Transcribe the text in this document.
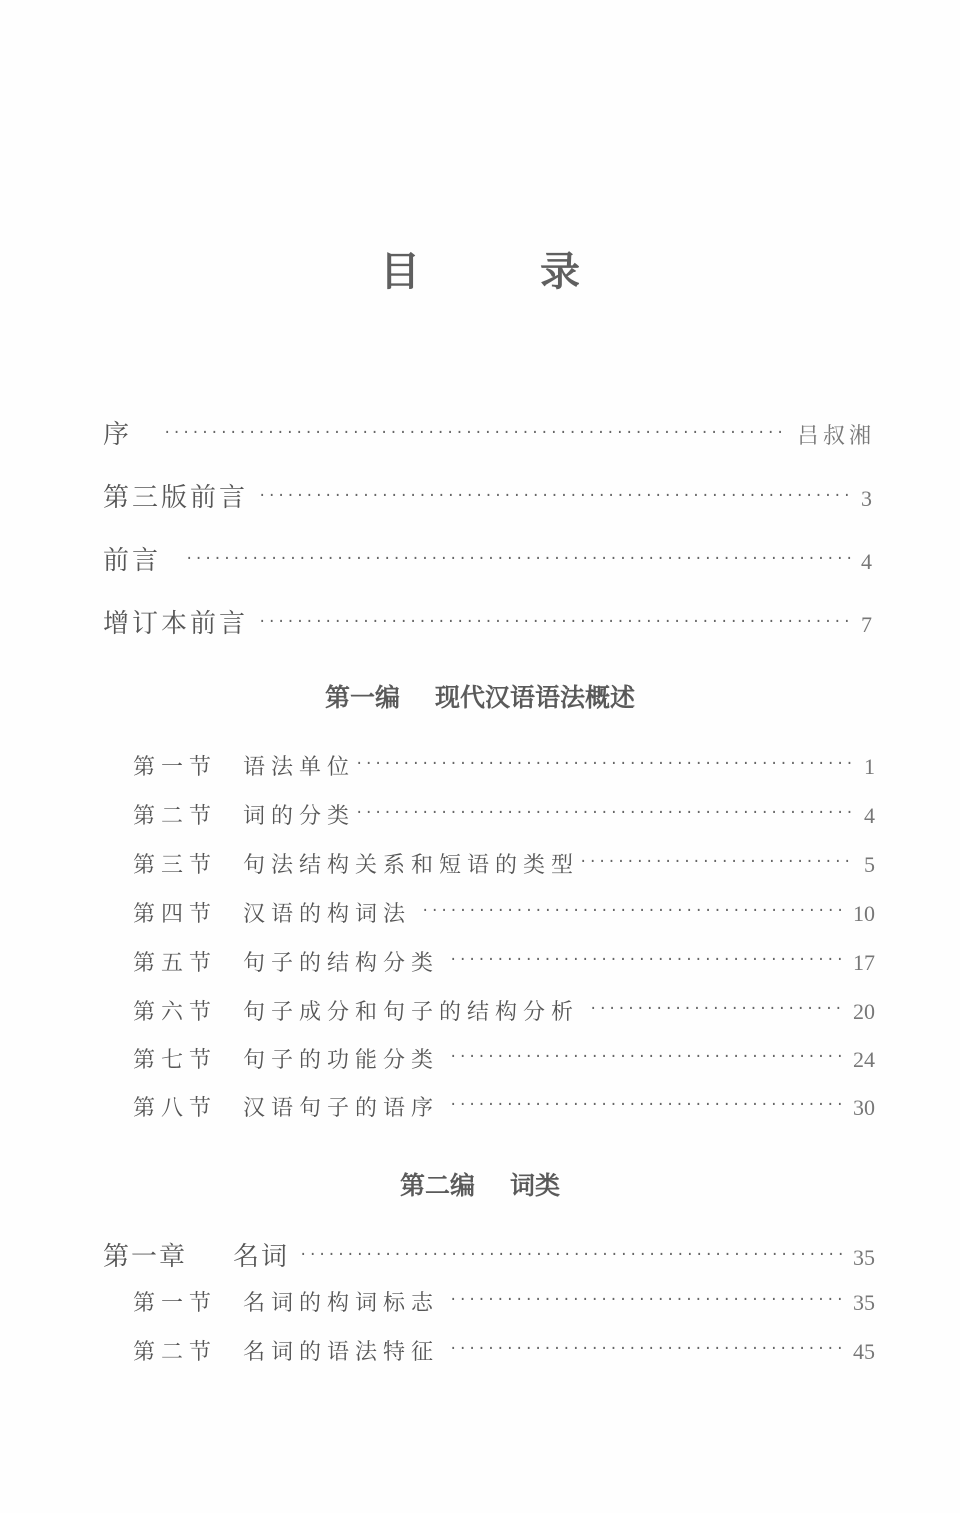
目	录
序 ·····	吕叔湘
第三版前言 ·····	3
前言 ·····	4
增订本前言 ·····	7
第一编 现代汉语语法概述
第一节	语法单位 ·····	1
第二节	词的分类 ·····	4
第三节	句法结构关系和短语的类型 ·····	5
第四节	汉语的构词法 ·····	10
第五节	句子的结构分类 ·····	17
第六节	句子成分和句子的结构分析 ·····	20
第七节	句子的功能分类 ·····	24
第八节	汉语句子的语序 ·····	30
第二编 词类
第一章	名词 ·····	35
第一节	名词的构词标志 ·····	35
第二节	名词的语法特征 ·····	45
